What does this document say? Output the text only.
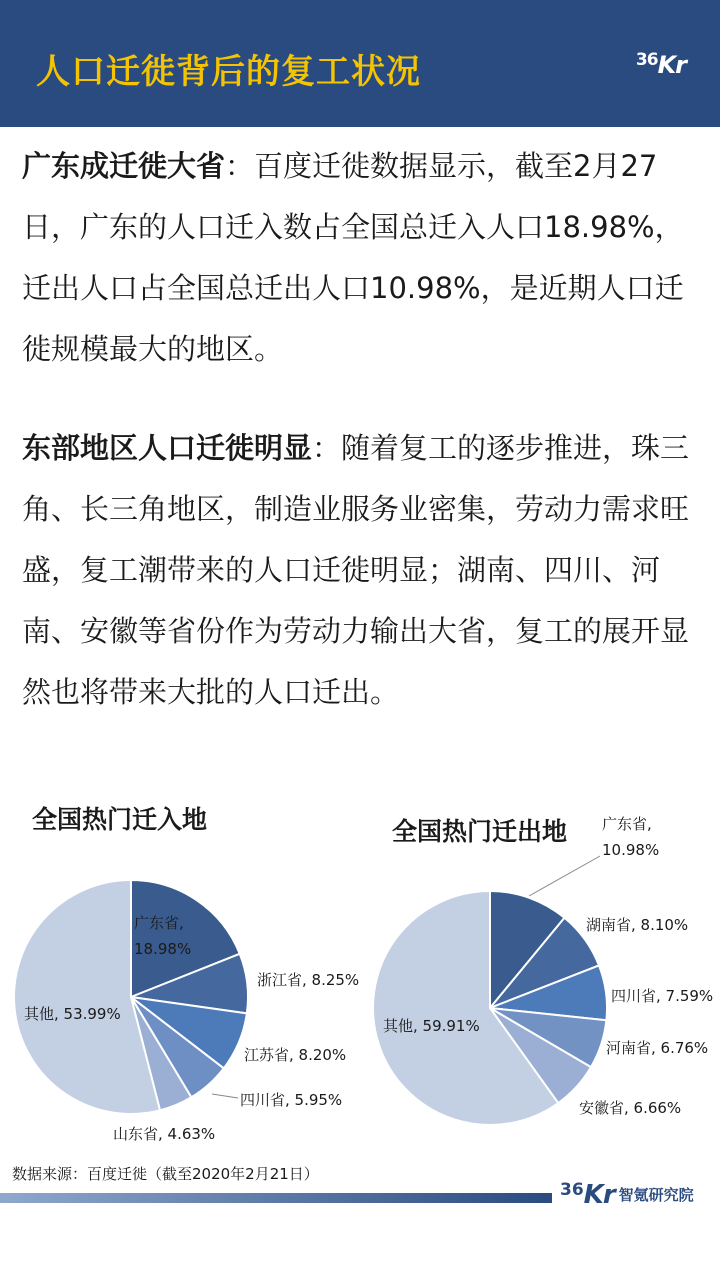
人口迁徙背后的复工状况	$^{36}$Kr
广东成迁徙大省：百度迁徙数据显示，截至2月27日，广东的人口迁入数占全国总迁入人口18.98%，迁出人口占全国总迁出人口10.98%，是近期人口迁徙规模最大的地区。
东部地区人口迁徙明显：随着复工的逐步推进，珠三角、长三角地区，制造业服务业密集，劳动力需求旺盛，复工潮带来的人口迁徙明显；湖南、四川、河南、安徽等省份作为劳动力输出大省，复工的展开显然也将带来大批的人口迁出。
全国热门迁入地	全国热门迁出地
广东省, 18.98%
浙江省, 8.25%
江苏省, 8.20%
四川省, 5.95%
山东省, 4.63%
其他, 53.99%
广东省, 10.98%
湖南省, 8.10%
四川省, 7.59%
河南省, 6.76%
安徽省, 6.66%
其他, 59.91%
数据来源：百度迁徙（截至2020年2月21日）
36Kr 智氪研究院
